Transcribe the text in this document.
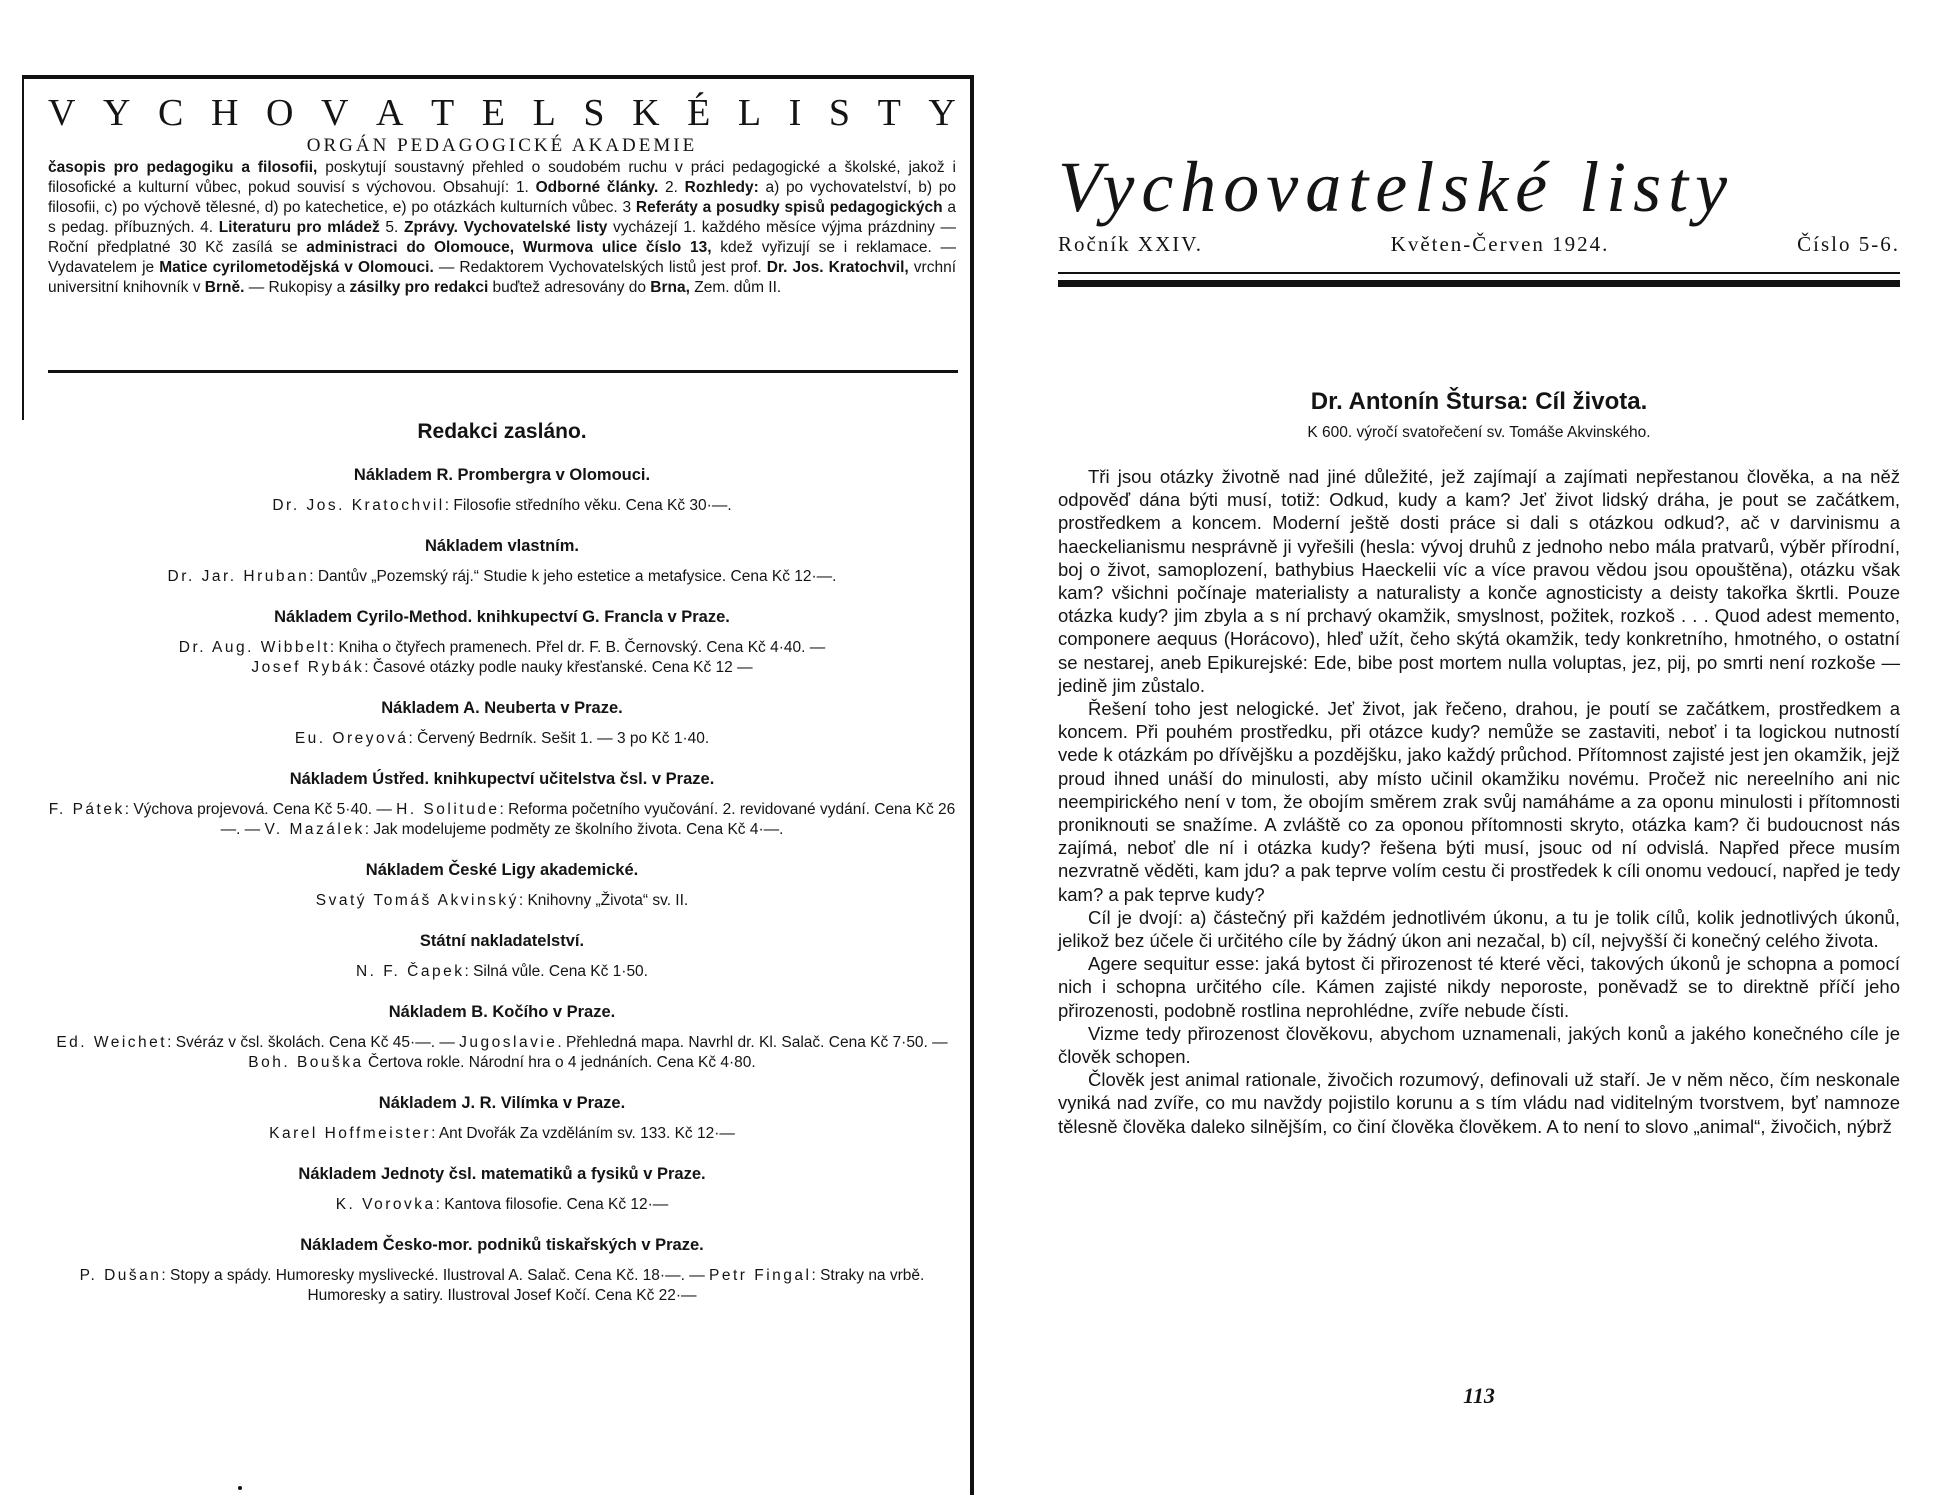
V Y C H O V A T E L S K É L I S T Y
ORGÁN PEDAGOGICKÉ AKADEMIE
časopis pro pedagogiku a filosofii, poskytují soustavný přehled o soudobém ruchu v práci pedagogické a školské, jakož i filosofické a kulturní vůbec, pokud souvisí s výchovou. Obsahují: 1. Odborné články. 2. Rozhledy: a) po vychovatelství, b) po filosofii, c) po výchově tělesné, d) po katechetice, e) po otázkách kulturních vůbec. 3 Referáty a posudky spisů pedagogických a s pedag. příbuzných. 4. Literaturu pro mládež 5. Zprávy. Vychovatelské listy vycházejí 1. každého měsíce výjma prázdniny — Roční předplatné 30 Kč zasílá se administraci do Olomouce, Wurmova ulice číslo 13, kdež vyřizují se i reklamace. — Vydavatelem je Matice cyrilometodějská v Olomouci. — Redaktorem Vychovatelských listů jest prof. Dr. Jos. Kratochvil, vrchní universitní knihovník v Brně. — Rukopisy a zásilky pro redakci buďtež adresovány do Brna, Zem. dům II.
Redakci zasláno.
Nákladem R. Prombergra v Olomouci.
Dr. Jos. Kratochvil: Filosofie středního věku. Cena Kč 30·—.
Nákladem vlastním.
Dr. Jar. Hruban: Dantův „Pozemský ráj.“ Studie k jeho estetice a metafysice. Cena Kč 12·—.
Nákladem Cyrilo-Method. knihkupectví G. Francla v Praze.
Dr. Aug. Wibbelt: Kniha o čtyřech pramenech. Přel dr. F. B. Černovský. Cena Kč 4·40. —
Josef Rybák: Časové otázky podle nauky křesťanské. Cena Kč 12 —
Nákladem A. Neuberta v Praze.
Eu. Oreyová: Červený Bedrník. Sešit 1. — 3 po Kč 1·40.
Nákladem Ústřed. knihkupectví učitelstva čsl. v Praze.
F. Pátek: Výchova projevová. Cena Kč 5·40. — H. Solitude: Reforma početního vyučování. 2. revidované vydání. Cena Kč 26 —. — V. Mazálek: Jak modelujeme podměty ze školního života. Cena Kč 4·—.
Nákladem České Ligy akademické.
Svatý Tomáš Akvinský: Knihovny „Života“ sv. II.
Státní nakladatelství.
N. F. Čapek: Silná vůle. Cena Kč 1·50.
Nákladem B. Kočího v Praze.
Ed. Weichet: Svéráz v čsl. školách. Cena Kč 45·—. — Jugoslavie. Přehledná mapa. Navrhl dr. Kl. Salač. Cena Kč 7·50. — Boh. Bouška Čertova rokle. Národní hra o 4 jednáních. Cena Kč 4·80.
Nákladem J. R. Vilímka v Praze.
Karel Hoffmeister: Ant Dvořák Za vzděláním sv. 133. Kč 12·—
Nákladem Jednoty čsl. matematiků a fysiků v Praze.
K. Vorovka: Kantova filosofie. Cena Kč 12·—
Nákladem Česko-mor. podniků tiskařských v Praze.
P. Dušan: Stopy a spády. Humoresky myslivecké. Ilustroval A. Salač. Cena Kč. 18·—. — Petr Fingal: Straky na vrbě. Humoresky a satiry. Ilustroval Josef Kočí. Cena Kč 22·—
Vychovatelské listy
Ročník XXIV.	Květen-Červen 1924.	Číslo 5-6.
Dr. Antonín Štursa: Cíl života.
K 600. výročí svatořečení sv. Tomáše Akvinského.

Tři jsou otázky životně nad jiné důležité, jež zajímají a zajímati nepřestanou člověka, a na něž odpověď dána býti musí, totiž: Odkud, kudy a kam? Jeť život lidský dráha, je pout se začátkem, prostředkem a koncem. Moderní ještě dosti práce si dali s otázkou odkud?, ač v darvinismu a haeckelianismu nesprávně ji vyřešili (hesla: vývoj druhů z jednoho nebo mála pratvarů, výběr přírodní, boj o život, samoplození, bathybius Haeckelii víc a více pravou vědou jsou opouštěna), otázku však kam? všichni počínaje materialisty a naturalisty a konče agnosticisty a deisty takořka škrtli. Pouze otázka kudy? jim zbyla a s ní prchavý okamžik, smyslnost, požitek, rozkoš . . . Quod adest memento, componere aequus (Horácovo), hleď užít, čeho skýtá okamžik, tedy konkretního, hmotného, o ostatní se nestarej, aneb Epikurejské: Ede, bibe post mortem nulla voluptas, jez, pij, po smrti není rozkoše — jedině jim zůstalo.

Řešení toho jest nelogické. Jeť život, jak řečeno, drahou, je poutí se začátkem, prostředkem a koncem. Při pouhém prostředku, při otázce kudy? nemůže se zastaviti, neboť i ta logickou nutností vede k otázkám po dřívějšku a pozdějšku, jako každý průchod. Přítomnost zajisté jest jen okamžik, jejž proud ihned unáší do minulosti, aby místo učinil okamžiku novému. Pročež nic nereelního ani nic neempirického není v tom, že obojím směrem zrak svůj namáháme a za oponu minulosti i přítomnosti proniknouti se snažíme. A zvláště co za oponou přítomnosti skryto, otázka kam? či budoucnost nás zajímá, neboť dle ní i otázka kudy? řešena býti musí, jsouc od ní odvislá. Napřed přece musím nezvratně věděti, kam jdu? a pak teprve volím cestu či prostředek k cíli onomu vedoucí, napřed je tedy kam? a pak teprve kudy?

Cíl je dvojí: a) částečný při každém jednotlivém úkonu, a tu je tolik cílů, kolik jednotlivých úkonů, jelikož bez účele či určitého cíle by žádný úkon ani nezačal, b) cíl, nejvyšší či konečný celého života.

Agere sequitur esse: jaká bytost či přirozenost té které věci, takových úkonů je schopna a pomocí nich i schopna určitého cíle. Kámen zajisté nikdy neporoste, poněvadž se to direktně příčí jeho přirozenosti, podobně rostlina neprohlédne, zvíře nebude čísti.

Vizme tedy přirozenost člověkovu, abychom uznamenali, jakých konů a jakého konečného cíle je člověk schopen.

Člověk jest animal rationale, živočich rozumový, definovali už staří. Je v něm něco, čím neskonale vyniká nad zvíře, co mu navždy pojistilo korunu a s tím vládu nad viditelným tvorstvem, byť namnoze tělesně člověka daleko silnějším, co činí člověka člověkem. A to není to slovo „animal“, živočich, nýbrž

113
